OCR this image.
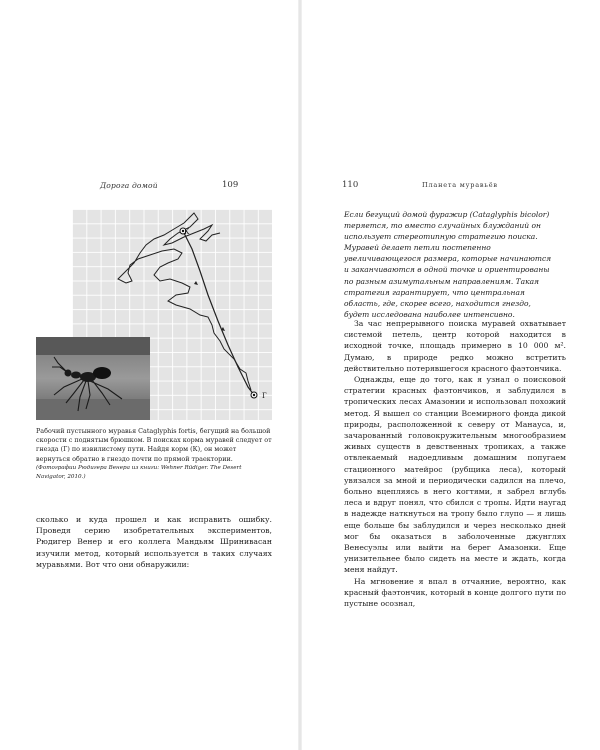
Дорога домой	109
К
Г
Рабочий пустынного муравья Cataglyphis fortis, бегущий на большой скорости с поднятым брюшком. В поисках корма муравей следует от гнезда (Г) по извилистому пути. Найдя корм (К), он может вернуться обратно в гнездо почти по прямой траектории.
(Фотографии Рюдигера Венера из книги: Wehner Rüdiger. The Desert Navigator, 2010.)

сколько и куда прошел и как исправить ошибку. Проведя серию изобретательных экспериментов, Рюдигер Венер и его коллега Мандьям Шринивасан изучили метод, который используется в таких случаях муравьями. Вот что они обнаружили:

110	Планета муравьёв

Если бегущий домой фуражир (Cataglyphis bicolor) теряется, то вместо случайных блужданий он использует стереотипную стратегию поиска. Муравей делает петли постепенно увеличивающегося размера, которые начинаются и заканчиваются в одной точке и ориентированы по разным азимутальным направлениям. Такая стратегия гарантирует, что центральная область, где, скорее всего, находится гнездо, будет исследована наиболее интенсивно.

За час непрерывного поиска муравей охватывает системой петель, центр которой находится в исходной точке, площадь примерно в 10 000 м². Думаю, в природе редко можно встретить действительно потерявшегося красного фаэтончика.

Однажды, еще до того, как я узнал о поисковой стратегии красных фаэтончиков, я заблудился в тропических лесах Амазонии и использовал похожий метод. Я вышел со станции Всемирного фонда дикой природы, расположенной к северу от Манауса, и, зачарованный головокружительным многообразием живых существ в девственных тропиках, а также отвлекаемый надоедливым домашним попугаем стационного матейрос (рубщика леса), который увязался за мной и периодически садился на плечо, больно вцепляясь в него когтями, я забрел вглубь леса и вдруг понял, что сбился с тропы. Идти наугад в надежде наткнуться на тропу было глупо — я лишь еще больше бы заблудился и через несколько дней мог бы оказаться в заболоченные джунглях Венесуэлы или выйти на берег Амазонки. Еще унизительнее было сидеть на месте и ждать, когда меня найдут.

На мгновение я впал в отчаяние, вероятно, как красный фаэтончик, который в конце долгого пути по пустыне осознал,
